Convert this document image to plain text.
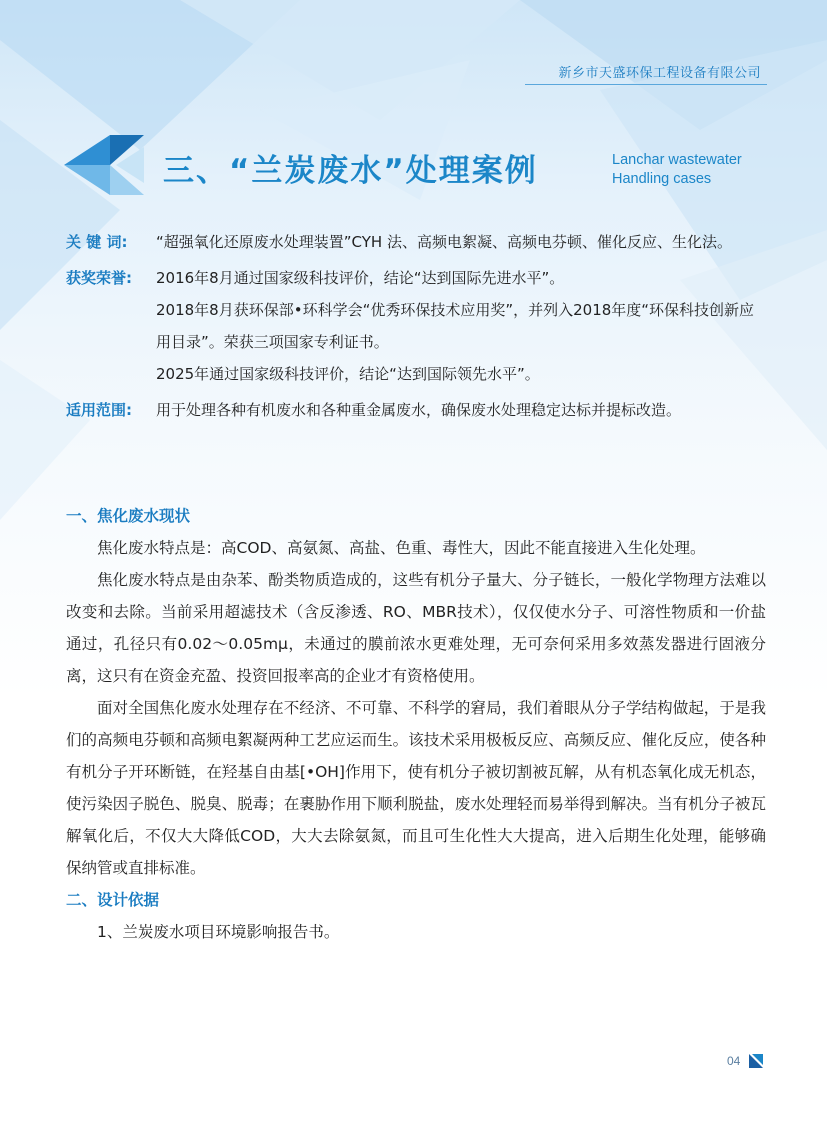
新乡市天盛环保工程设备有限公司
三、“兰炭废水”处理案例	Lanchar wastewater
Handling cases
关 键 词:	“超强氧化还原废水处理装置”CYH 法、高频电絮凝、高频电芬顿、催化反应、生化法。
获奖荣誉:	2016年8月通过国家级科技评价，结论“达到国际先进水平”。

2018年8月获环保部•环科学会“优秀环保技术应用奖”，并列入2018年度“环保科技创新应用目录”。荣获三项国家专利证书。

2025年通过国家级科技评价，结论“达到国际领先水平”。

适用范围:	用于处理各种有机废水和各种重金属废水，确保废水处理稳定达标并提标改造。
一、焦化废水现状

焦化废水特点是：高COD、高氨氮、高盐、色重、毒性大，因此不能直接进入生化处理。

焦化废水特点是由杂苯、酚类物质造成的，这些有机分子量大、分子链长，一般化学物理方法难以改变和去除。当前采用超滤技术（含反渗透、RO、MBR技术），仅仅使水分子、可溶性物质和一价盐通过，孔径只有0.02～0.05mμ，未通过的膜前浓水更难处理，无可奈何采用多效蒸发器进行固液分离，这只有在资金充盈、投资回报率高的企业才有资格使用。

面对全国焦化废水处理存在不经济、不可靠、不科学的窘局，我们着眼从分子学结构做起，于是我们的高频电芬顿和高频电絮凝两种工艺应运而生。该技术采用极板反应、高频反应、催化反应，使各种有机分子开环断链，在羟基自由基[•OH]作用下，使有机分子被切割被瓦解，从有机态氧化成无机态，使污染因子脱色、脱臭、脱毒；在裹胁作用下顺利脱盐，废水处理轻而易举得到解决。当有机分子被瓦解氧化后，不仅大大降低COD，大大去除氨氮，而且可生化性大大提高，进入后期生化处理，能够确保纳管或直排标准。

二、设计依据

1、兰炭废水项目环境影响报告书。

04
